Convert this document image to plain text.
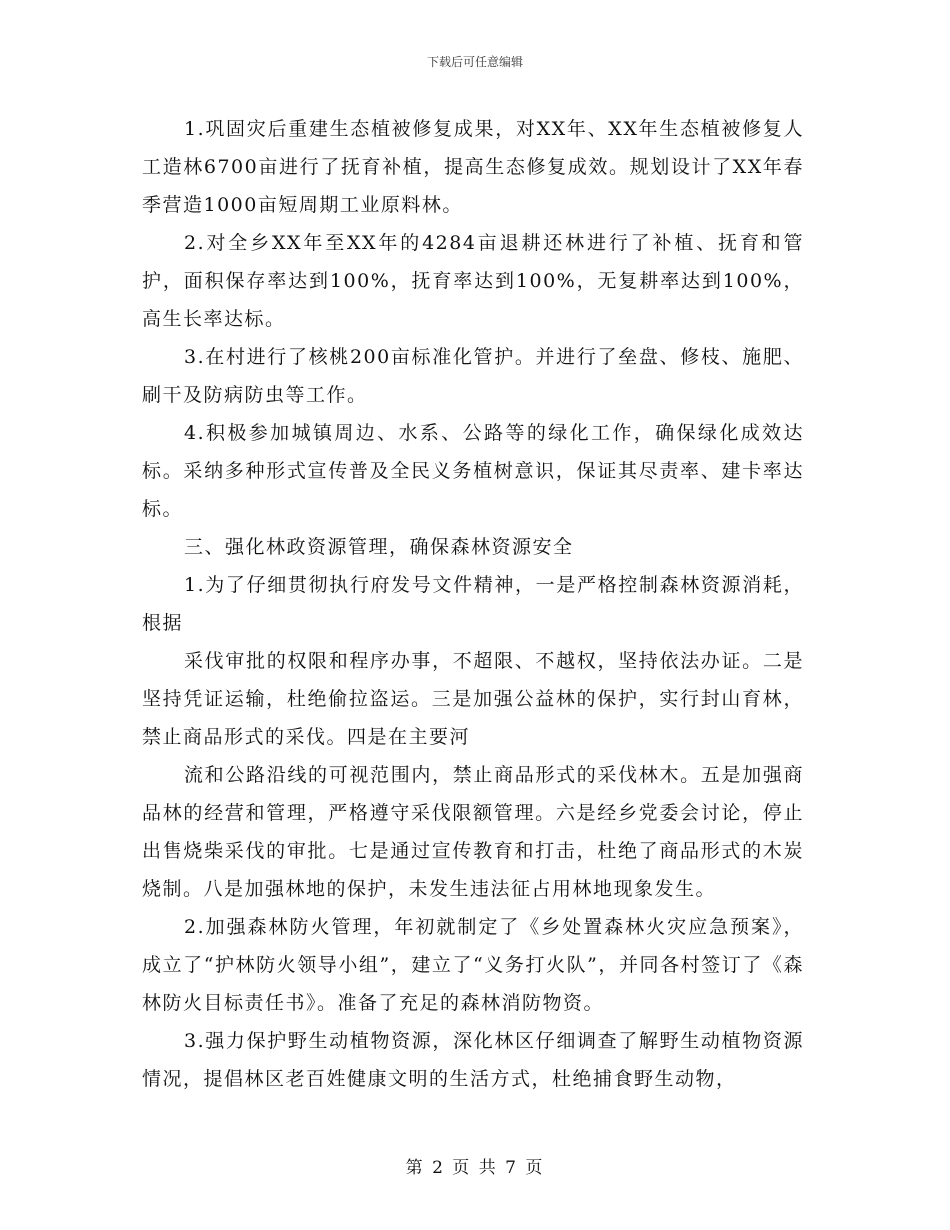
下载后可任意编辑

1.巩固灾后重建生态植被修复成果，对XX年、XX年生态植被修复人工造林6700亩进行了抚育补植，提高生态修复成效。规划设计了XX年春季营造1000亩短周期工业原料林。

2.对全乡XX年至XX年的4284亩退耕还林进行了补植、抚育和管护，面积保存率达到100%，抚育率达到100%，无复耕率达到100%，高生长率达标。

3.在村进行了核桃200亩标准化管护。并进行了垒盘、修枝、施肥、刷干及防病防虫等工作。

4.积极参加城镇周边、水系、公路等的绿化工作，确保绿化成效达标。采纳多种形式宣传普及全民义务植树意识，保证其尽责率、建卡率达标。

三、强化林政资源管理，确保森林资源安全

1.为了仔细贯彻执行府发号文件精神，一是严格控制森林资源消耗，根据

采伐审批的权限和程序办事，不超限、不越权，坚持依法办证。二是坚持凭证运输，杜绝偷拉盗运。三是加强公益林的保护，实行封山育林，禁止商品形式的采伐。四是在主要河

流和公路沿线的可视范围内，禁止商品形式的采伐林木。五是加强商品林的经营和管理，严格遵守采伐限额管理。六是经乡党委会讨论，停止出售烧柴采伐的审批。七是通过宣传教育和打击，杜绝了商品形式的木炭烧制。八是加强林地的保护，未发生违法征占用林地现象发生。

2.加强森林防火管理，年初就制定了《乡处置森林火灾应急预案》，成立了“护林防火领导小组”，建立了“义务打火队”，并同各村签订了《森林防火目标责任书》。准备了充足的森林消防物资。

3.强力保护野生动植物资源，深化林区仔细调查了解野生动植物资源情况，提倡林区老百姓健康文明的生活方式，杜绝捕食野生动物，

第 2 页 共 7 页
